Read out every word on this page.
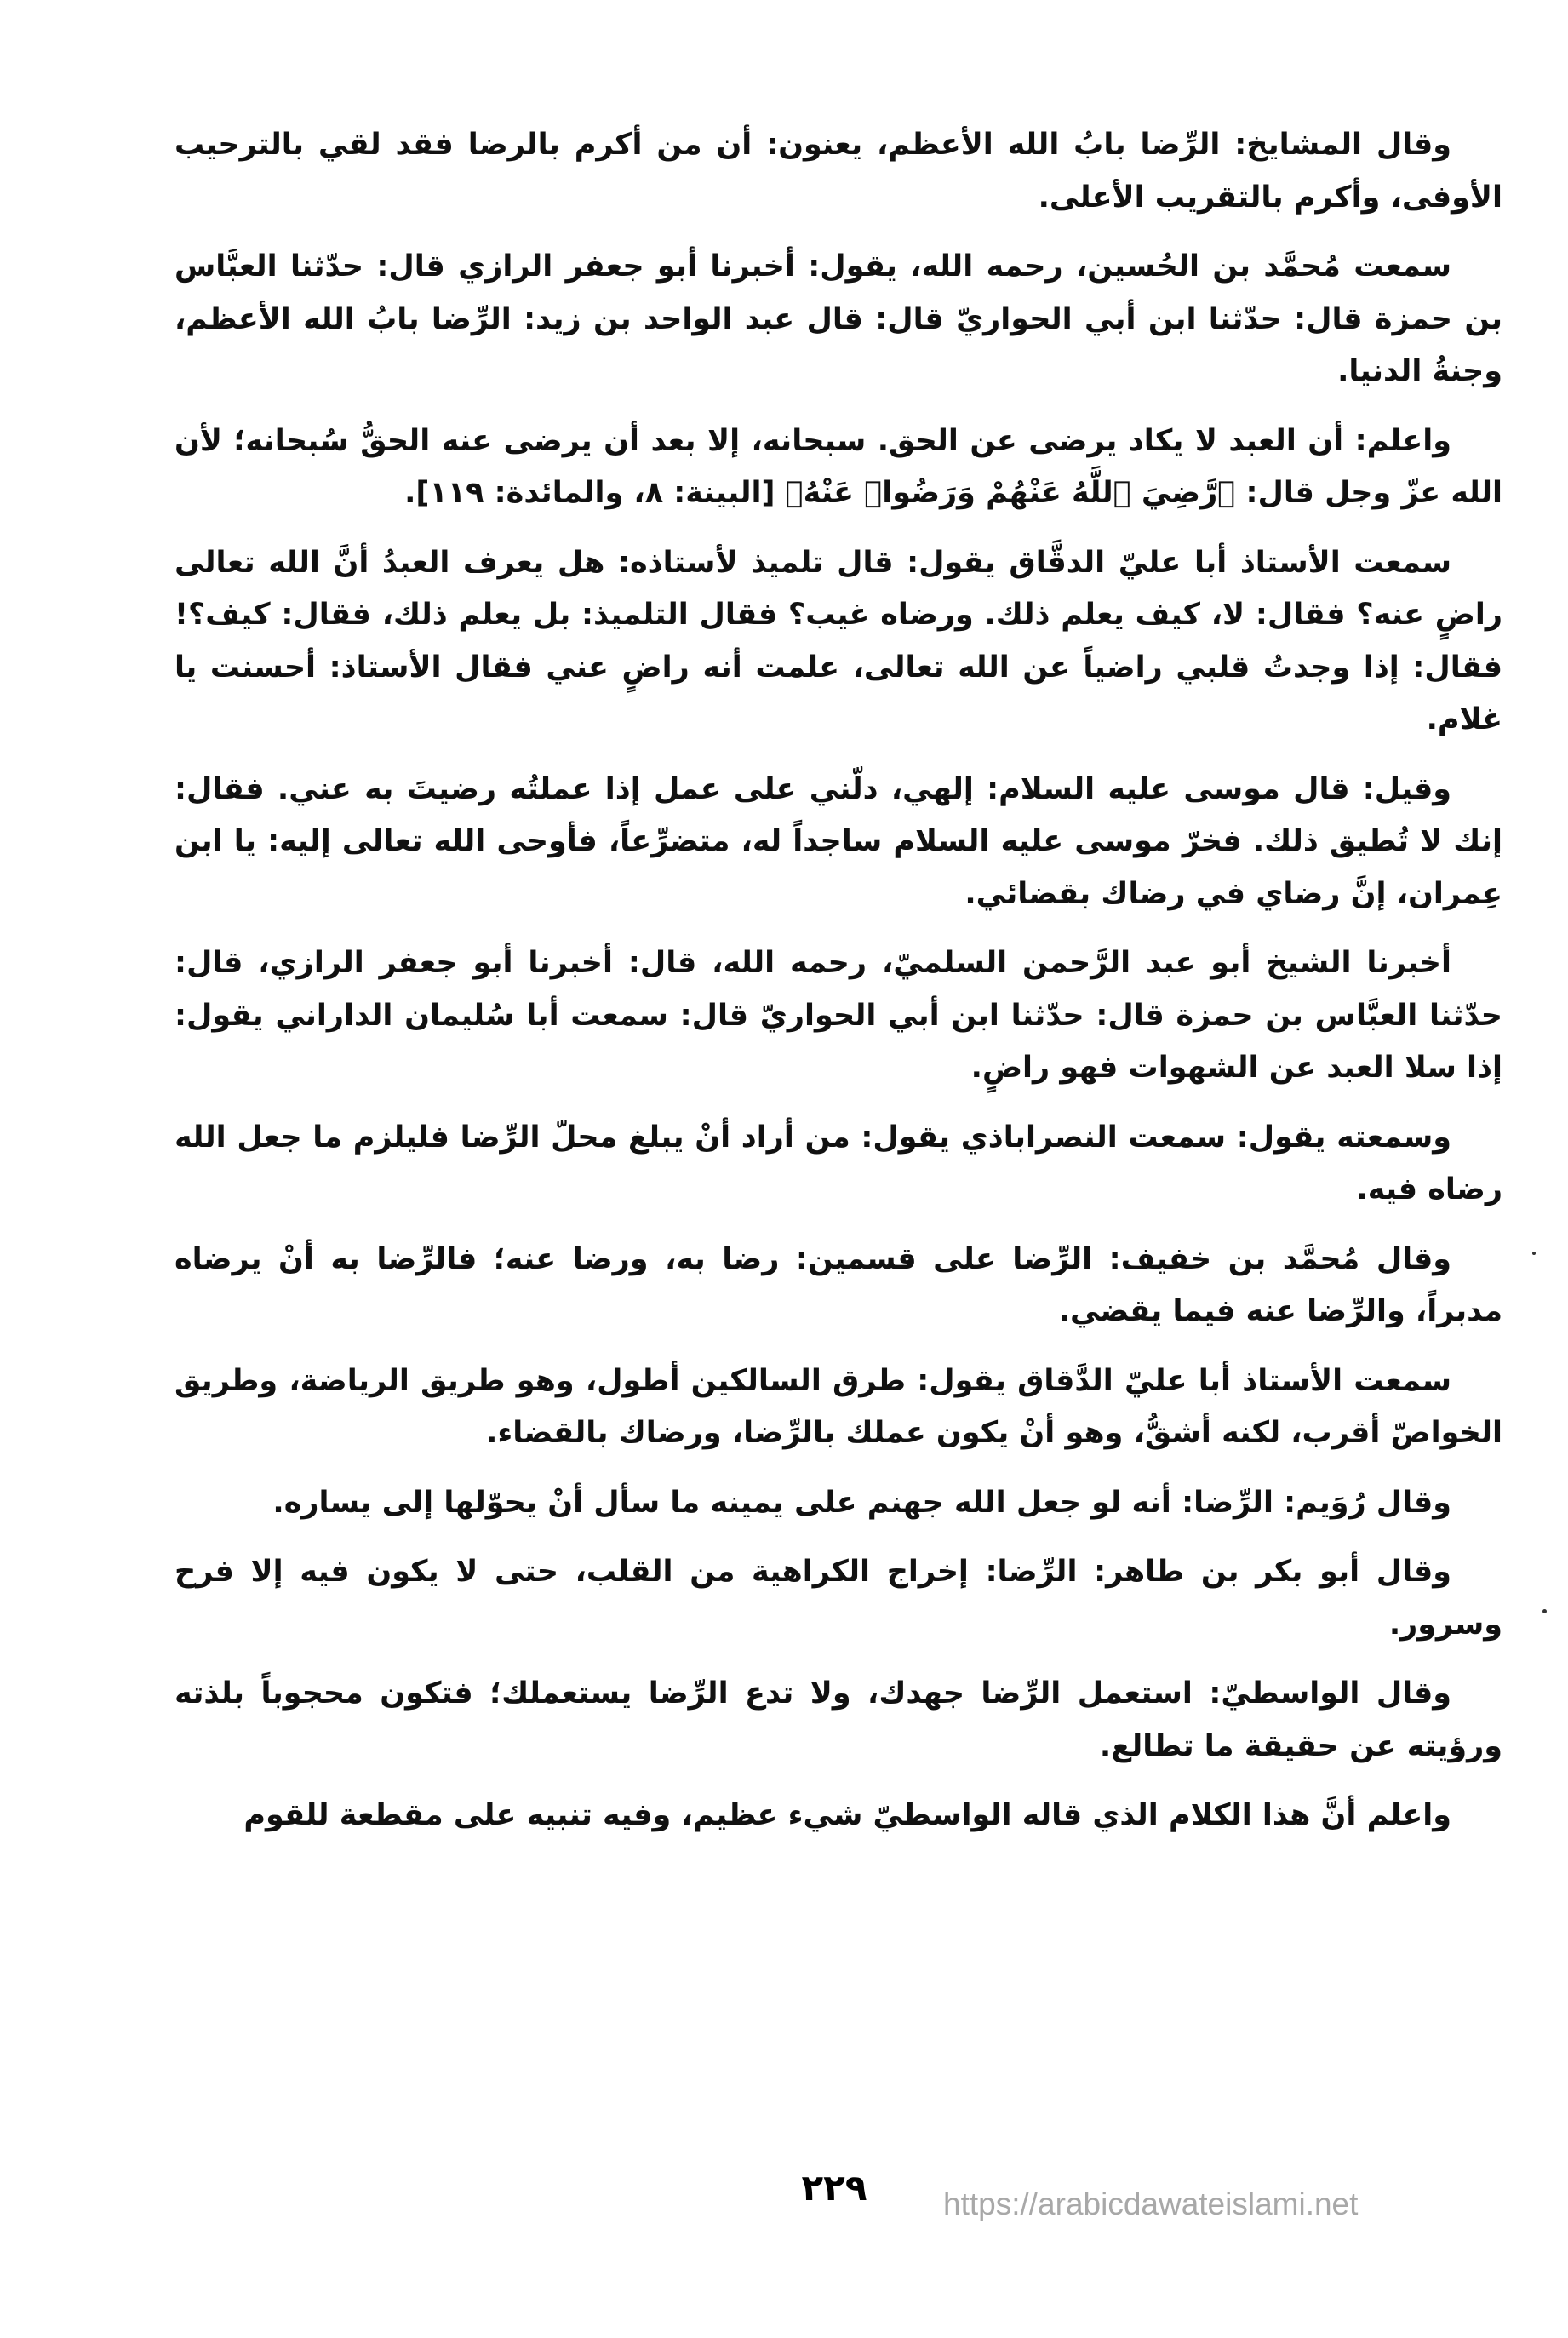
وقال المشايخ: الرِّضا بابُ الله الأعظم، يعنون: أن من أكرم بالرضا فقد لقي بالترحيب الأوفى، وأكرم بالتقريب الأعلى.

سمعت مُحمَّد بن الحُسين، رحمه الله، يقول: أخبرنا أبو جعفر الرازي قال: حدّثنا العبَّاس بن حمزة قال: حدّثنا ابن أبي الحواريّ قال: قال عبد الواحد بن زيد: الرِّضا بابُ الله الأعظم، وجنةُ الدنيا.

واعلم: أن العبد لا يكاد يرضى عن الحق. سبحانه، إلا بعد أن يرضى عنه الحقُّ سُبحانه؛ لأن الله عزّ وجل قال: ﴿رَّضِيَ ٱللَّهُ عَنْهُمْ وَرَضُوا۟ عَنْهُ﴾ [البينة: ٨، والمائدة: ١١٩].

سمعت الأستاذ أبا عليّ الدقَّاق يقول: قال تلميذ لأستاذه: هل يعرف العبدُ أنَّ الله تعالى راضٍ عنه؟ فقال: لا، كيف يعلم ذلك. ورضاه غيب؟ فقال التلميذ: بل يعلم ذلك، فقال: كيف؟! فقال: إذا وجدتُ قلبي راضياً عن الله تعالى، علمت أنه راضٍ عني فقال الأستاذ: أحسنت يا غلام.

وقيل: قال موسى عليه السلام: إلهي، دلّني على عمل إذا عملتُه رضيتَ به عني. فقال: إنك لا تُطيق ذلك. فخرّ موسى عليه السلام ساجداً له، متضرِّعاً، فأوحى الله تعالى إليه: يا ابن عِمران، إنَّ رضاي في رضاك بقضائي.

أخبرنا الشيخ أبو عبد الرَّحمن السلميّ، رحمه الله، قال: أخبرنا أبو جعفر الرازي، قال: حدّثنا العبَّاس بن حمزة قال: حدّثنا ابن أبي الحواريّ قال: سمعت أبا سُليمان الداراني يقول: إذا سلا العبد عن الشهوات فهو راضٍ.

وسمعته يقول: سمعت النصراباذي يقول: من أراد أنْ يبلغ محلّ الرِّضا فليلزم ما جعل الله رضاه فيه.

وقال مُحمَّد بن خفيف: الرِّضا على قسمين: رضا به، ورضا عنه؛ فالرِّضا به أنْ يرضاه مدبراً، والرِّضا عنه فيما يقضي.

سمعت الأستاذ أبا عليّ الدَّقاق يقول: طرق السالكين أطول، وهو طريق الرياضة، وطريق الخواصّ أقرب، لكنه أشقُّ، وهو أنْ يكون عملك بالرِّضا، ورضاك بالقضاء.

وقال رُوَيم: الرِّضا: أنه لو جعل الله جهنم على يمينه ما سأل أنْ يحوّلها إلى يساره.

وقال أبو بكر بن طاهر: الرِّضا: إخراج الكراهية من القلب، حتى لا يكون فيه إلا فرح وسرور.

وقال الواسطيّ: استعمل الرِّضا جهدك، ولا تدع الرِّضا يستعملك؛ فتكون محجوباً بلذته ورؤيته عن حقيقة ما تطالع.

واعلم أنَّ هذا الكلام الذي قاله الواسطيّ شيء عظيم، وفيه تنبيه على مقطعة للقوم

٢٢٩	https://arabicdawateislami.net
